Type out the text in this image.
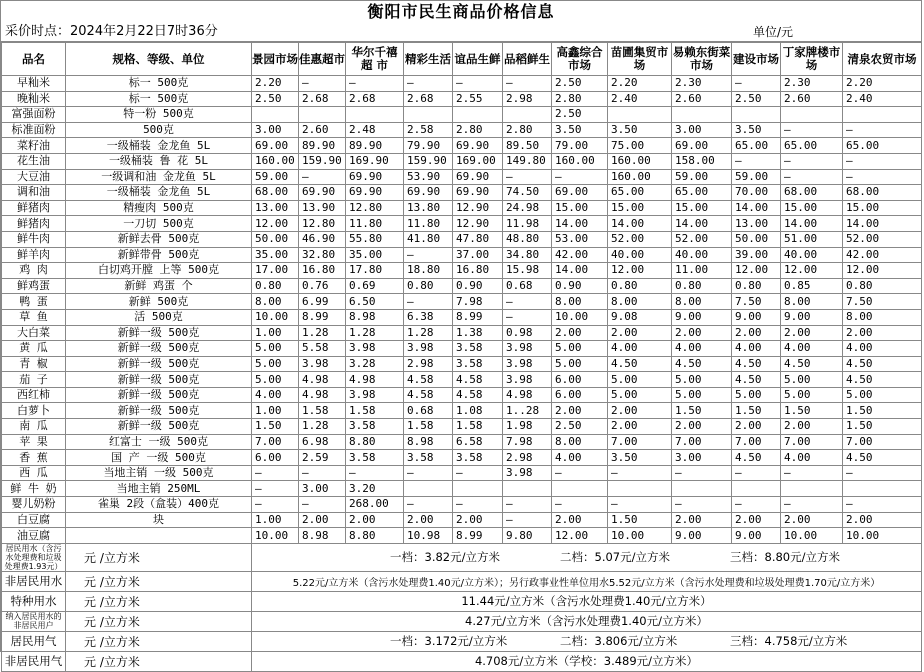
衡阳市民生商品价格信息
采价时点：2024年2月22日7时36分	单位/元
品名	规格、等级、单位	景园市场	佳惠超市	华尔千禧超 市	精彩生活	谊品生鲜	品稻鲜生	高鑫综合市场	苗圃集贸市场	易赖东街菜市场	建设市场	丁家牌楼市场	清泉农贸市场
早籼米	标一 500克	2.20	—	—	—	—	—	2.50	2.20	2.30	—	2.30	2.20
晚籼米	标一 500克	2.50	2.68	2.68	2.68	2.55	2.98	2.80	2.40	2.60	2.50	2.60	2.40
富强面粉	特一粉 500克							2.50					
标准面粉	500克	3.00	2.60	2.48	2.58	2.80	2.80	3.50	3.50	3.00	3.50	—	—
菜籽油	一级桶装 金龙鱼 5L	69.00	89.90	89.90	79.90	69.90	89.50	79.00	75.00	69.00	65.00	65.00	65.00
花生油	一级桶装 鲁 花 5L	160.00	159.90	169.90	159.90	169.00	149.80	160.00	160.00	158.00	—	—	—
大豆油	一级调和油 金龙鱼 5L	59.00	—	69.90	53.90	69.90	—	—	160.00	59.00	59.00	—	—
调和油	一级桶装 金龙鱼 5L	68.00	69.90	69.90	69.90	69.90	74.50	69.00	65.00	65.00	70.00	68.00	68.00
鲜猪肉	精瘦肉 500克	13.00	13.90	12.80	13.80	12.90	24.98	15.00	15.00	15.00	14.00	15.00	15.00
鲜猪肉	一刀切 500克	12.00	12.80	11.80	11.80	12.90	11.98	14.00	14.00	14.00	13.00	14.00	14.00
鲜牛肉	新鲜去骨 500克	50.00	46.90	55.80	41.80	47.80	48.80	53.00	52.00	52.00	50.00	51.00	52.00
鲜羊肉	新鲜带骨 500克	35.00	32.80	35.00	—	37.00	34.80	42.00	40.00	40.00	39.00	40.00	42.00
鸡 肉	白切鸡开膛 上等 500克	17.00	16.80	17.80	18.80	16.80	15.98	14.00	12.00	11.00	12.00	12.00	12.00
鲜鸡蛋	新鲜 鸡蛋 个	0.80	0.76	0.69	0.80	0.90	0.68	0.90	0.80	0.80	0.80	0.85	0.80
鸭 蛋	新鲜 500克	8.00	6.99	6.50	—	7.98	—	8.00	8.00	8.00	7.50	8.00	7.50
草 鱼	活 500克	10.00	8.99	8.98	6.38	8.99	—	10.00	9.08	9.00	9.00	9.00	8.00
大白菜	新鲜一级 500克	1.00	1.28	1.28	1.28	1.38	0.98	2.00	2.00	2.00	2.00	2.00	2.00
黄 瓜	新鲜一级 500克	5.00	5.58	3.98	3.98	3.58	3.98	5.00	4.00	4.00	4.00	4.00	4.00
青 椒	新鲜一级 500克	5.00	3.98	3.28	2.98	3.58	3.98	5.00	4.50	4.50	4.50	4.50	4.50
茄 子	新鲜一级 500克	5.00	4.98	4.98	4.58	4.58	3.98	6.00	5.00	5.00	4.50	5.00	4.50
西红柿	新鲜一级 500克	4.00	4.98	3.98	4.58	4.58	4.98	6.00	5.00	5.00	5.00	5.00	5.00
白萝卜	新鲜一级 500克	1.00	1.58	1.58	0.68	1.08	1..28	2.00	2.00	1.50	1.50	1.50	1.50
南 瓜	新鲜一级 500克	1.50	1.28	3.58	1.58	1.58	1.98	2.50	2.00	2.00	2.00	2.00	1.50
苹 果	红富士 一级 500克	7.00	6.98	8.80	8.98	6.58	7.98	8.00	7.00	7.00	7.00	7.00	7.00
香 蕉	国 产 一级 500克	6.00	2.59	3.58	3.58	3.58	2.98	4.00	3.50	3.00	4.50	4.00	4.50
西 瓜	当地主销 一级 500克	—	—	—	—	—	3.98	—	—	—	—	—	—
鲜 牛 奶	当地主销 250ML	—	3.00	3.20									
婴儿奶粉	雀巢 2段（盒装）400克	—	—	268.00	—	—	—	—	—	—	—	—	—
白豆腐	块	1.00	2.00	2.00	2.00	2.00	—	2.00	1.50	2.00	2.00	2.00	2.00
油豆腐		10.00	8.98	8.80	10.98	8.99	9.80	12.00	10.00	9.00	9.00	10.00	10.00
居民用水（含污水处理费和垃圾处理费1.93元）	元 /立方米	一档：3.82元/立方米 二档：5.07元/立方米 三档：8.80元/立方米											
非居民用水	元 /立方米	5.22元/立方米（含污水处理费1.40元/立方米）；另行政事业性单位用水5.52元/立方米（含污水处理费和垃圾处理费1.70元/立方米）											
特种用水	元 /立方米	11.44元/立方米（含污水处理费1.40元/立方米）											
纳入居民用水的非居民用户	元 /立方米	4.27元/立方米（含污水处理费1.40元/立方米）											
居民用气	元 /立方米	一档：3.172元/立方米 二档：3.806元/立方米 三档：4.758元/立方米											
非居民用气	元 /立方米	4.708元/立方米（学校：3.489元/立方米）											
